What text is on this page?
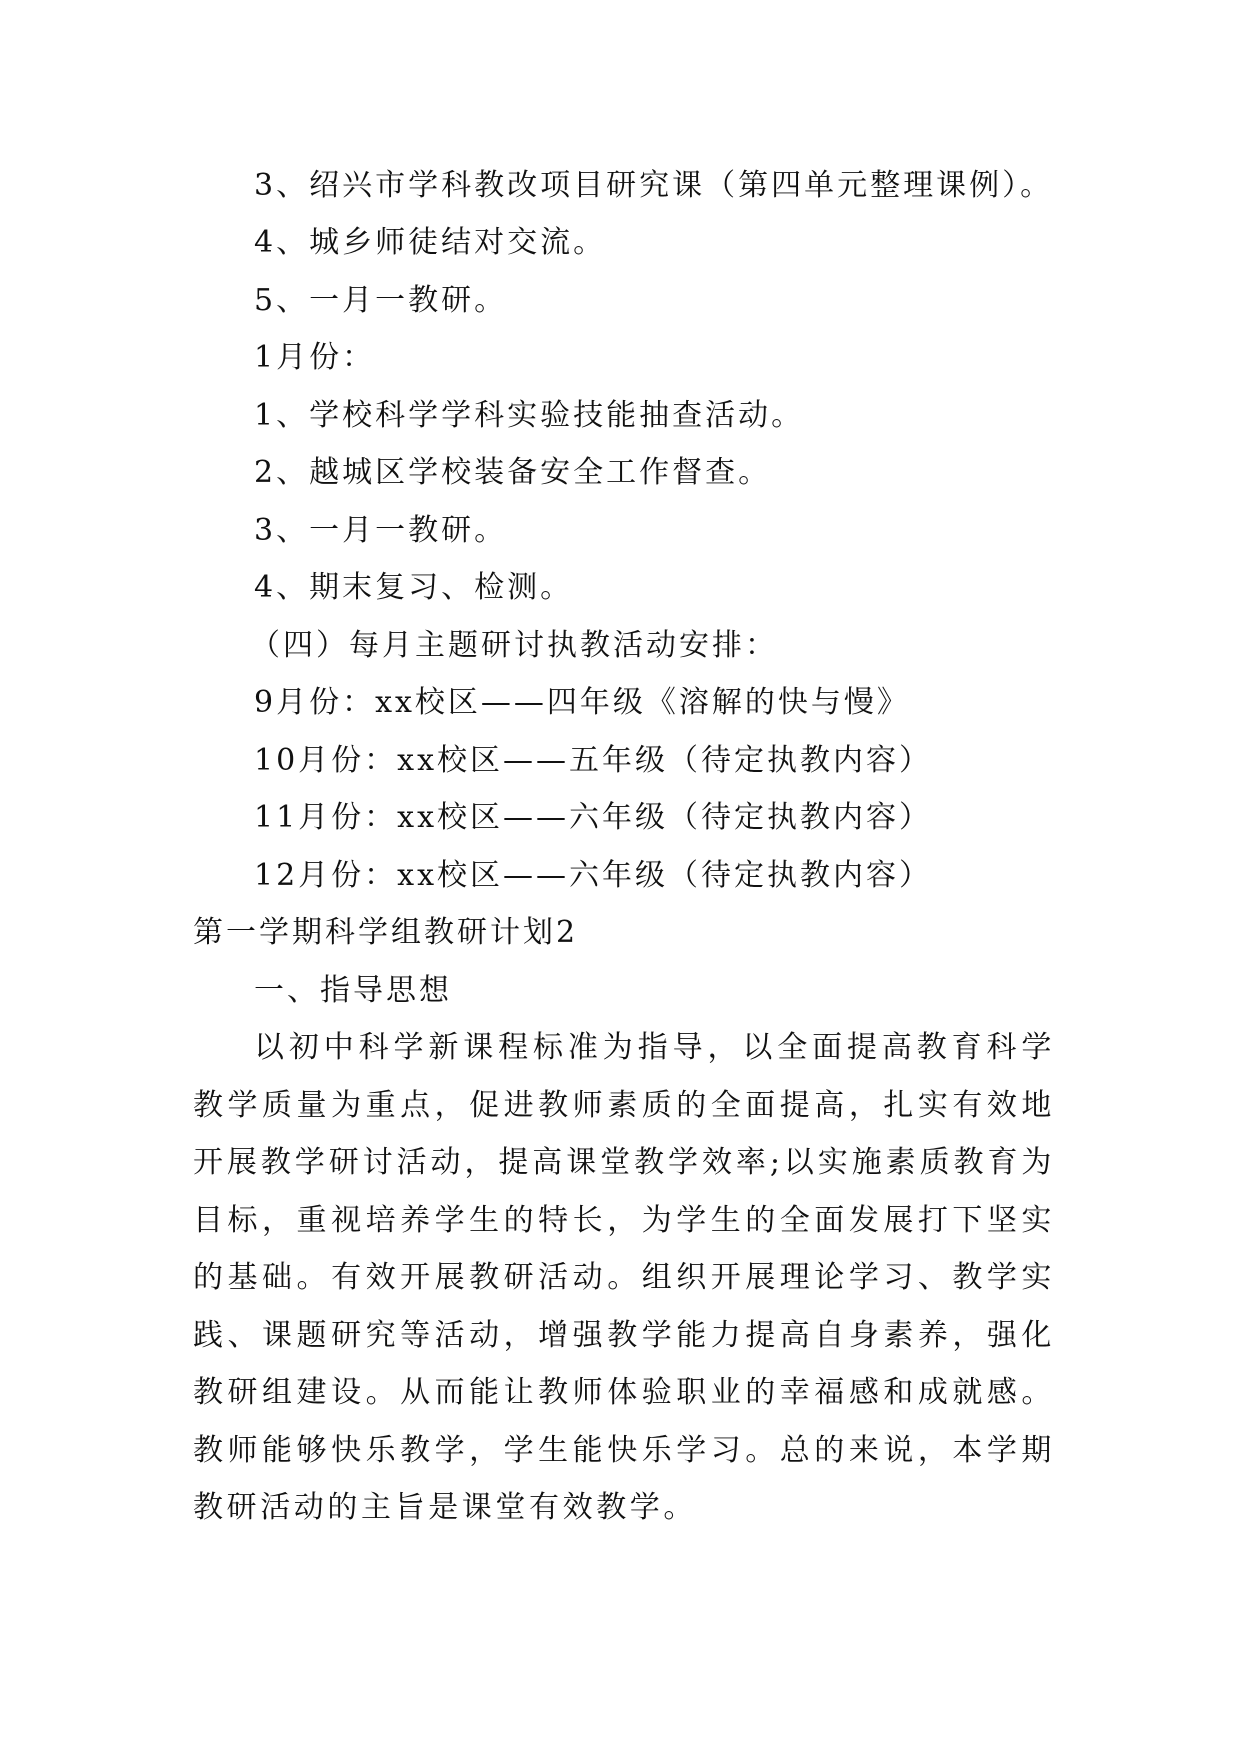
3、绍兴市学科教改项目研究课（第四单元整理课例）。
4、城乡师徒结对交流。
5、一月一教研。
1月份：
1、学校科学学科实验技能抽查活动。
2、越城区学校装备安全工作督查。
3、一月一教研。
4、期末复习、检测。
（四）每月主题研讨执教活动安排：
9月份：xx校区——四年级《溶解的快与慢》
10月份：xx校区——五年级（待定执教内容）
11月份：xx校区——六年级（待定执教内容）
12月份：xx校区——六年级（待定执教内容）
第一学期科学组教研计划2
一、指导思想
以初中科学新课程标准为指导，以全面提高教育科学教学质量为重点，促进教师素质的全面提高，扎实有效地开展教学研讨活动，提高课堂教学效率;以实施素质教育为目标，重视培养学生的特长，为学生的全面发展打下坚实的基础。有效开展教研活动。组织开展理论学习、教学实践、课题研究等活动，增强教学能力提高自身素养，强化教研组建设。从而能让教师体验职业的幸福感和成就感。教师能够快乐教学，学生能快乐学习。总的来说，本学期教研活动的主旨是课堂有效教学。
